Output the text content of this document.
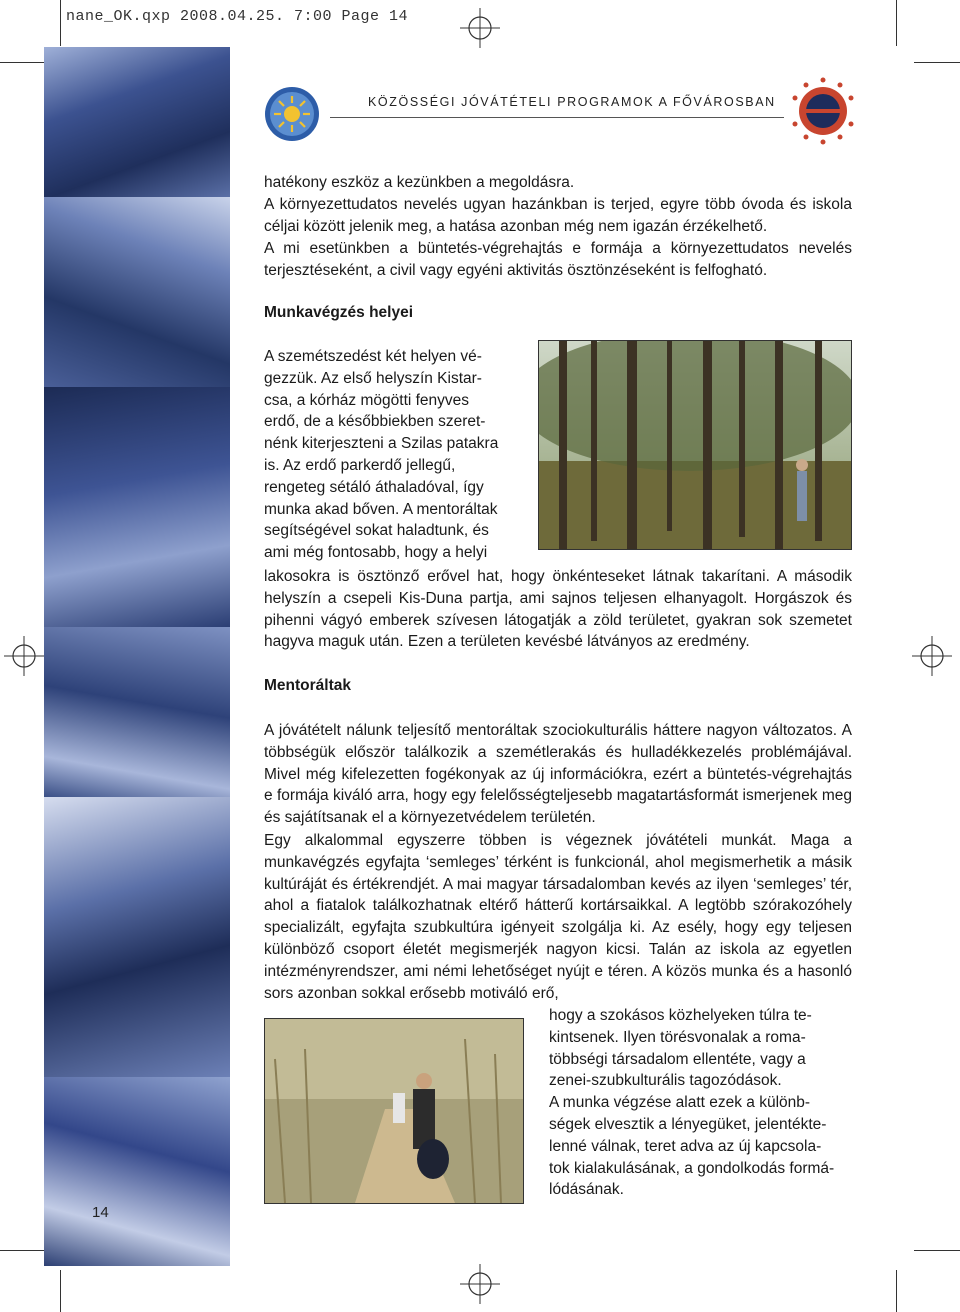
nane_OK.qxp 2008.04.25. 7:00 Page 14
14
KÖZÖSSÉGI JÓVÁTÉTELI PROGRAMOK A FŐVÁROSBAN
hatékony eszköz a kezünkben a megoldásra.
A környezettudatos nevelés ugyan hazánkban is terjed, egyre több óvoda és iskola céljai között jelenik meg, a hatása azonban még nem igazán érzékelhető.
A mi esetünkben a büntetés-végrehajtás e formája a környezettudatos nevelés terjesztéseként, a civil vagy egyéni aktivitás ösztönzéseként is felfogható.
Munkavégzés helyei
A szemétszedést két helyen vé-
gezzük. Az első helyszín Kistar-
csa, a kórház mögötti fenyves
erdő, de a későbbiekben szeret-
nénk kiterjeszteni a Szilas patakra
is. Az erdő parkerdő jellegű,
rengeteg sétáló áthaladóval, így
munka akad bőven. A mentoráltak
segítségével sokat haladtunk, és
ami még fontosabb, hogy a helyi
lakosokra is ösztönző erővel hat, hogy önkénteseket látnak takarítani. A második helyszín a csepeli Kis-Duna partja, ami sajnos teljesen elhanyagolt. Horgászok és pihenni vágyó emberek szívesen látogatják a zöld területet, gyakran sok szemetet hagyva maguk után. Ezen a területen kevésbé látványos az eredmény.
Mentoráltak
A jóvátételt nálunk teljesítő mentoráltak szociokulturális háttere nagyon változatos. A többségük először találkozik a szemétlerakás és hulladékkezelés problémájával. Mivel még kifelezetten fogékonyak az új információkra, ezért a büntetés-végrehajtás e formája kiváló arra, hogy egy felelősségteljesebb magatartásformát ismerjenek meg és sajátítsanak el a környezetvédelem területén.
Egy alkalommal egyszerre többen is végeznek jóvátételi munkát. Maga a munkavégzés egyfajta ‘semleges’ térként is funkcionál, ahol megismerhetik a másik kultúráját és értékrendjét. A mai magyar társadalomban kevés az ilyen ‘semleges’ tér, ahol a fiatalok találkozhatnak eltérő hátterű kortársaikkal. A legtöbb szórakozóhely specializált, egyfajta szubkultúra igényeit szolgálja ki. Az esély, hogy egy teljesen különböző csoport életét megismerjék nagyon kicsi. Talán az iskola az egyetlen intézményrendszer, ami némi lehetőséget nyújt e téren. A közös munka és a hasonló sors azonban sokkal erősebb motiváló erő,
hogy a szokásos közhelyeken túlra te-
kintsenek. Ilyen törésvonalak a roma-
többségi társadalom ellentéte, vagy a
zenei-szubkulturális tagozódások.
A munka végzése alatt ezek a különb-
ségek elvesztik a lényegüket, jelentékte-
lenné válnak, teret adva az új kapcsola-
tok kialakulásának, a gondolkodás formá-
lódásának.
